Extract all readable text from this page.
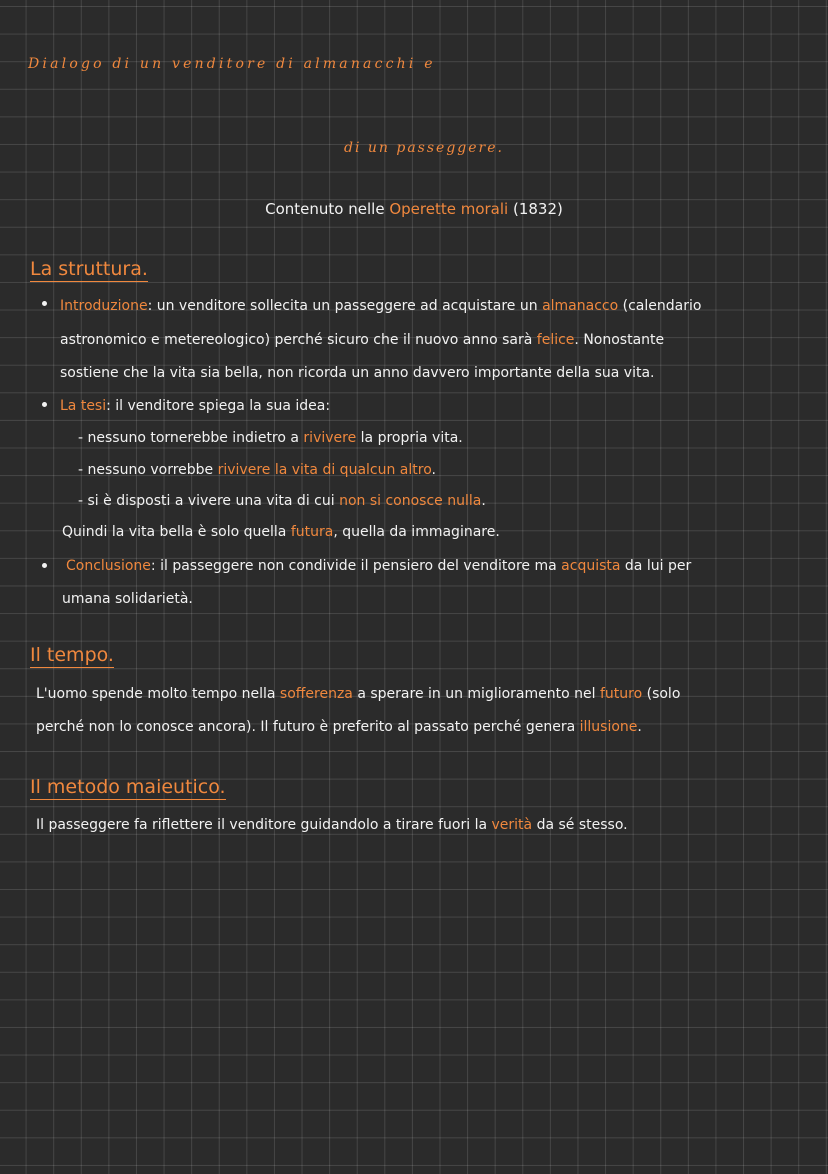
Dialogo di un venditore di almanacchi e
di un passeggere.
Contenuto nelle Operette morali (1832)
La struttura.
Introduzione: un venditore sollecita un passeggere ad acquistare un almanacco (calendario
astronomico e metereologico) perché sicuro che il nuovo anno sarà felice. Nonostante
sostiene che la vita sia bella, non ricorda un anno davvero importante della sua vita.
La tesi: il venditore spiega la sua idea:
- nessuno tornerebbe indietro a rivivere la propria vita.
- nessuno vorrebbe rivivere la vita di qualcun altro.
- si è disposti a vivere una vita di cui non si conosce nulla.
Quindi la vita bella è solo quella futura, quella da immaginare.
Conclusione: il passeggere non condivide il pensiero del venditore ma acquista da lui per
umana solidarietà.
Il tempo.
L'uomo spende molto tempo nella sofferenza a sperare in un miglioramento nel futuro (solo
perché non lo conosce ancora). Il futuro è preferito al passato perché genera illusione.
Il metodo maieutico.
Il passeggere fa riflettere il venditore guidandolo a tirare fuori la verità da sé stesso.
